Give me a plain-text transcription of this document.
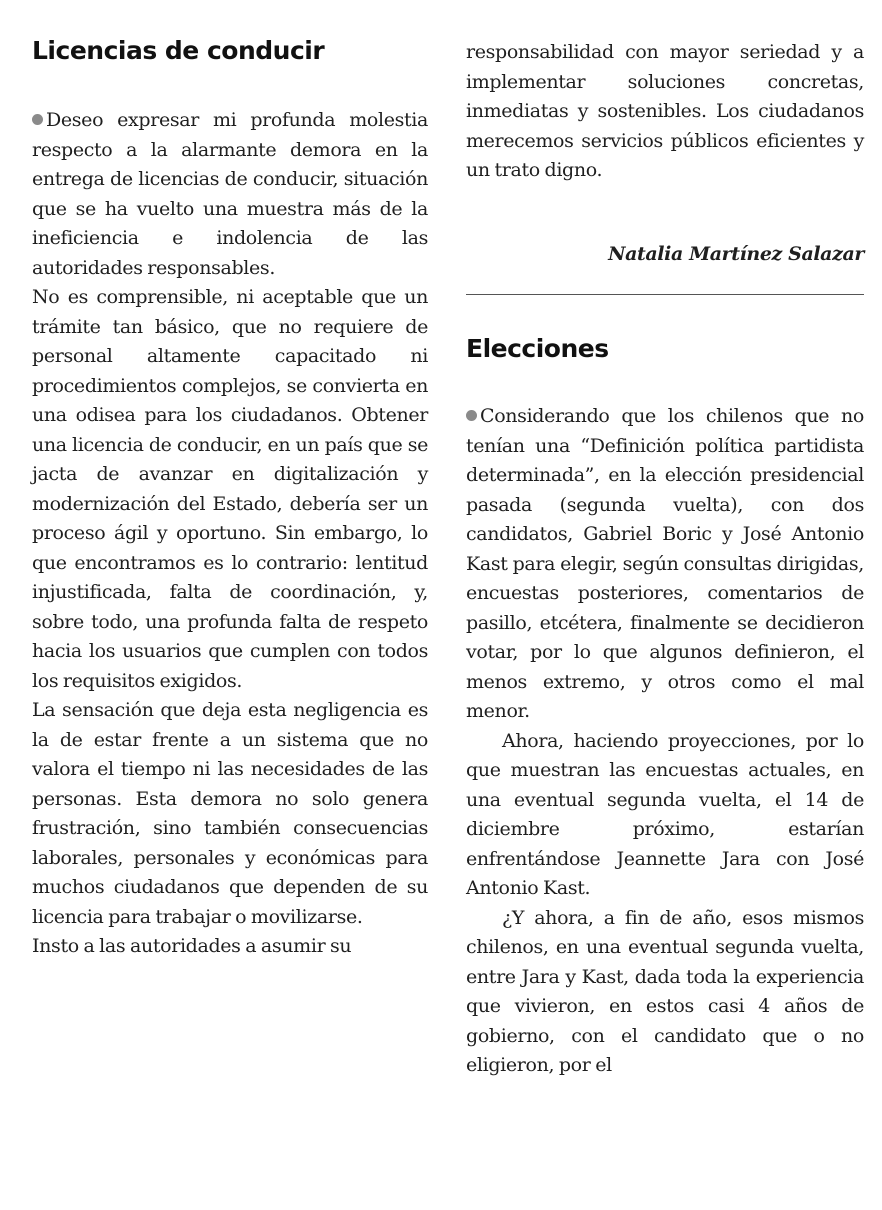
Licencias de conducir

Deseo expresar mi profunda molestia respecto a la alarmante demora en la entrega de licencias de conducir, situación que se ha vuelto una muestra más de la ineficiencia e indolencia de las autoridades responsables.

No es comprensible, ni aceptable que un trámite tan básico, que no requiere de personal altamente capacitado ni procedimientos complejos, se convierta en una odisea para los ciudadanos. Obtener una licencia de conducir, en un país que se jacta de avanzar en digitalización y modernización del Estado, debería ser un proceso ágil y oportuno. Sin embargo, lo que encontramos es lo contrario: lentitud injustificada, falta de coordinación, y, sobre todo, una profunda falta de respeto hacia los usuarios que cumplen con todos los requisitos exigidos.

La sensación que deja esta negligencia es la de estar frente a un sistema que no valora el tiempo ni las necesidades de las personas. Esta demora no solo genera frustración, sino también consecuencias laborales, personales y económicas para muchos ciudadanos que dependen de su licencia para trabajar o movilizarse.

Insto a las autoridades a asumir su

responsabilidad con mayor seriedad y a implementar soluciones concretas, inmediatas y sostenibles. Los ciudadanos merecemos servicios públicos eficientes y un trato digno.

Natalia Martínez Salazar
Elecciones

Considerando que los chilenos que no tenían una “Definición política partidista determinada”, en la elección presidencial pasada (segunda vuelta), con dos candidatos, Gabriel Boric y José Antonio Kast para elegir, según consultas dirigidas, encuestas posteriores, comentarios de pasillo, etcétera, finalmente se decidieron votar, por lo que algunos definieron, el menos extremo, y otros como el mal menor.

Ahora, haciendo proyecciones, por lo que muestran las encuestas actuales, en una eventual segunda vuelta, el 14 de diciembre próximo, estarían enfrentándose Jeannette Jara con José Antonio Kast.

¿Y ahora, a fin de año, esos mismos chilenos, en una eventual segunda vuelta, entre Jara y Kast, dada toda la experiencia que vivieron, en estos casi 4 años de gobierno, con el candidato que o no eligieron, por el
